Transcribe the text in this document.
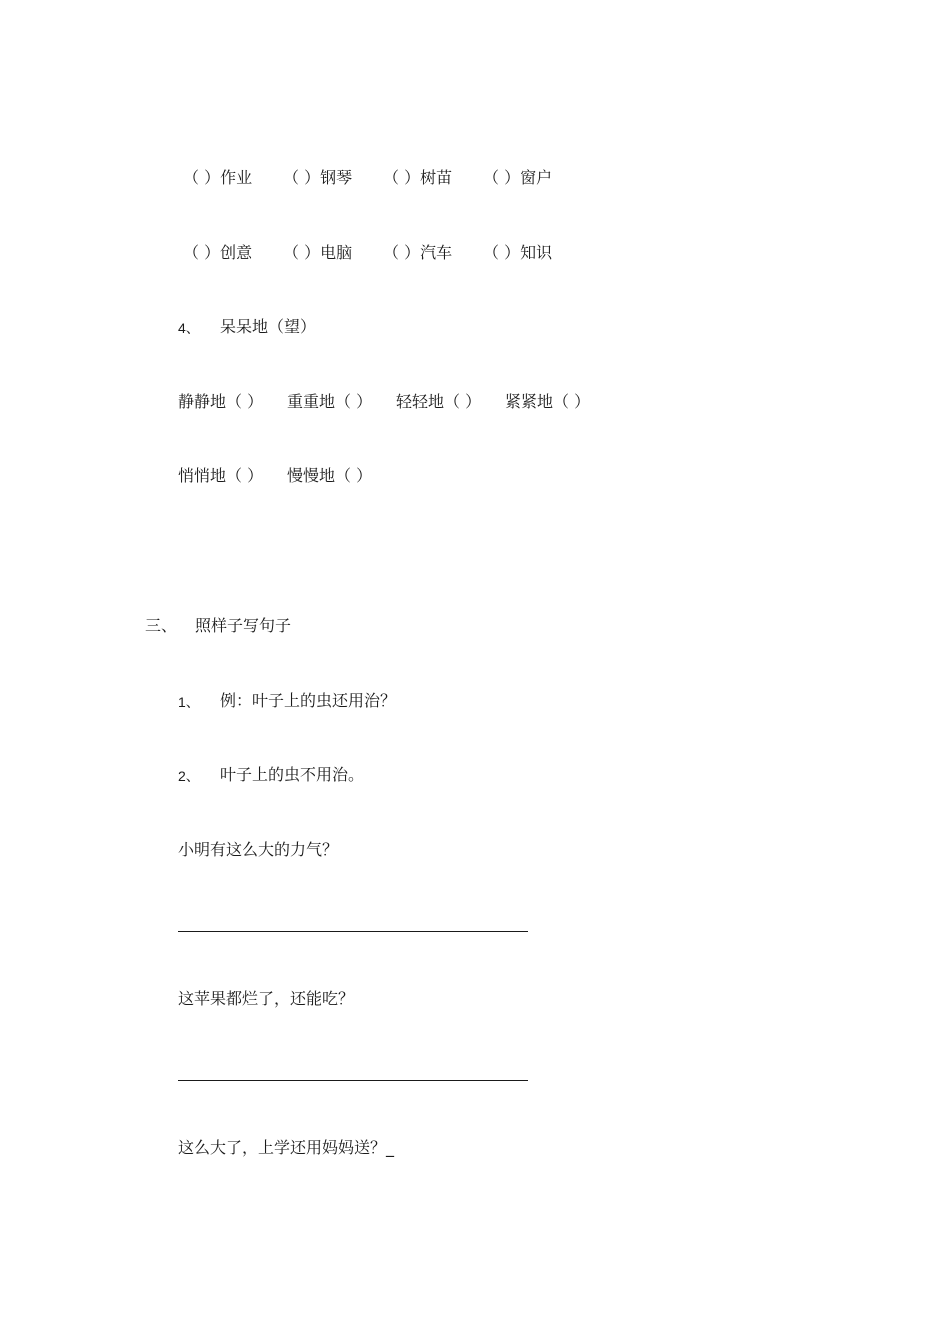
（ ）作业	（ ）钢琴	（ ）树苗	（ ）窗户
（ ）创意	（ ）电脑	（ ）汽车	（ ）知识
4、 呆呆地（望）
静静地（ ）	重重地（ ）	轻轻地（ ）	紧紧地（ ）
悄悄地（ ）	慢慢地（ ）
三、 照样子写句子
1、 例：叶子上的虫还用治？
2、 叶子上的虫不用治。
小明有这么大的力气？
这苹果都烂了，还能吃？
这么大了，上学还用妈妈送？_
